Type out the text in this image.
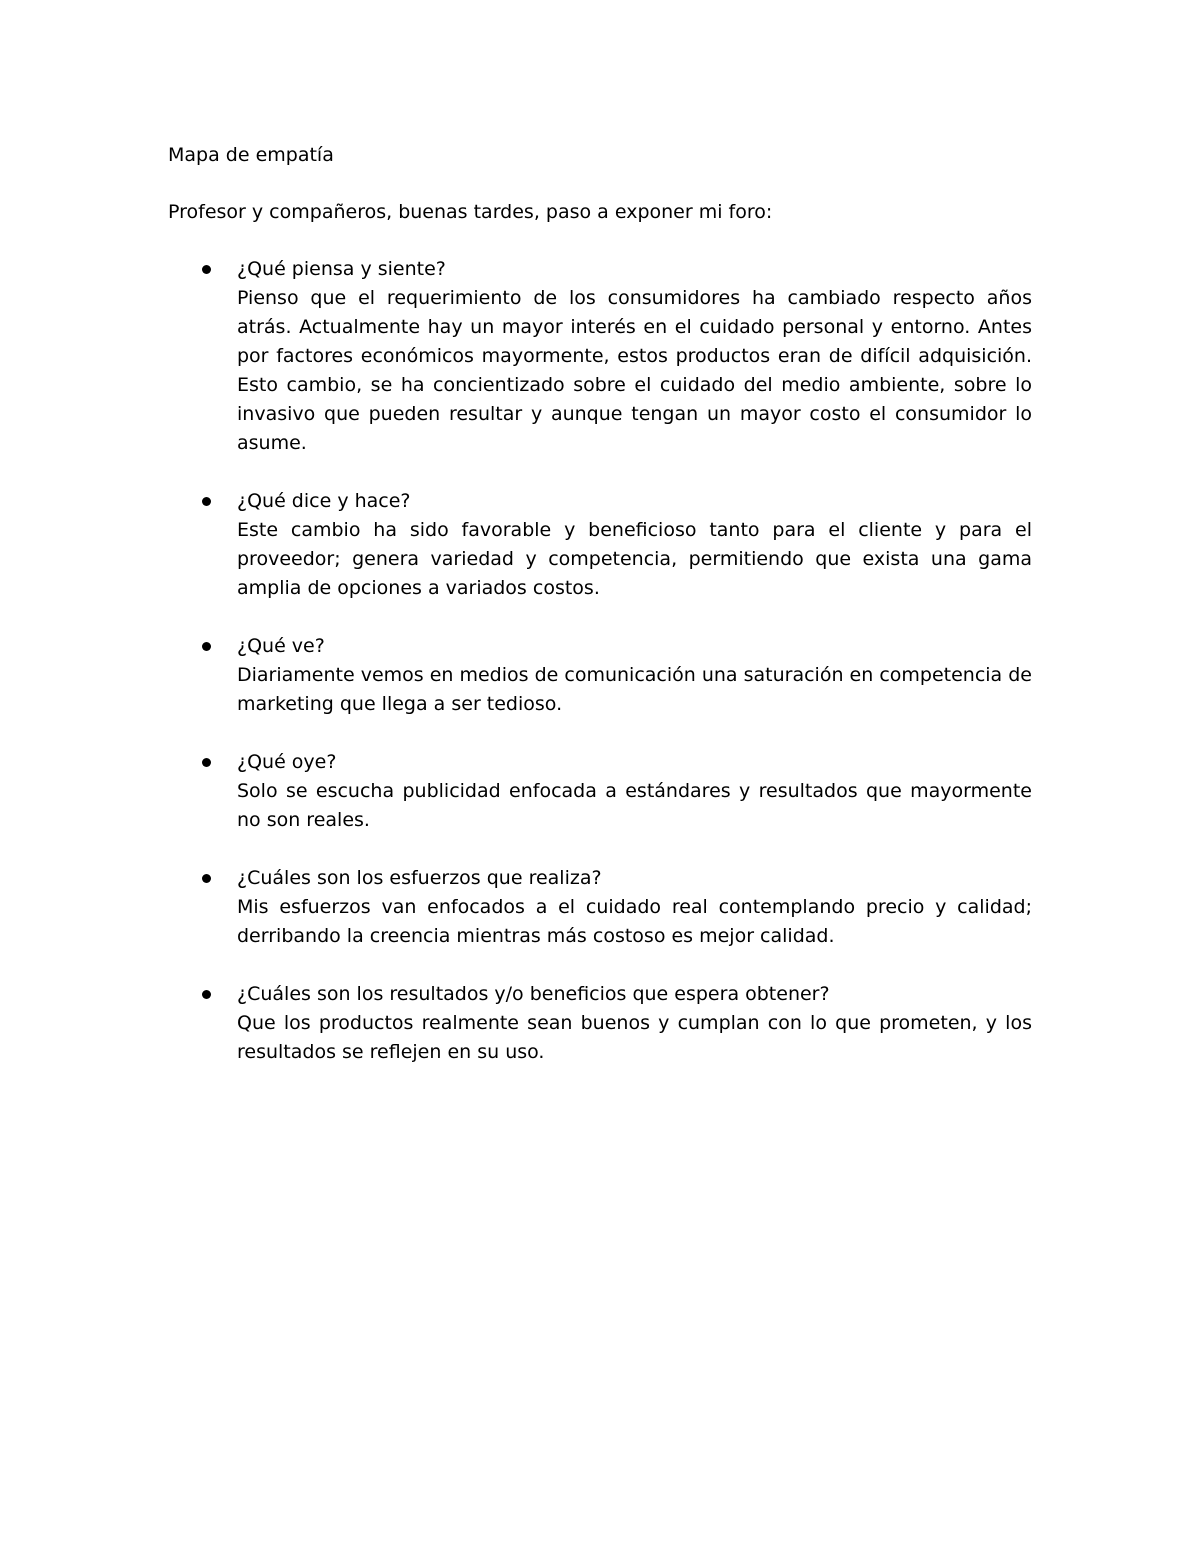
Mapa de empatía

Profesor y compañeros, buenas tardes, paso a exponer mi foro:

¿Qué piensa y siente?
Pienso que el requerimiento de los consumidores ha cambiado respecto años atrás. Actualmente hay un mayor interés en el cuidado personal y entorno. Antes por factores económicos mayormente, estos productos eran de difícil adquisición. Esto cambio, se ha concientizado sobre el cuidado del medio ambiente, sobre lo invasivo que pueden resultar y aunque tengan un mayor costo el consumidor lo asume.
¿Qué dice y hace?
Este cambio ha sido favorable y beneficioso tanto para el cliente y para el proveedor; genera variedad y competencia, permitiendo que exista una gama amplia de opciones a variados costos.
¿Qué ve?
Diariamente vemos en medios de comunicación una saturación en competencia de marketing que llega a ser tedioso.
¿Qué oye?
Solo se escucha publicidad enfocada a estándares y resultados que mayormente no son reales.
¿Cuáles son los esfuerzos que realiza?
Mis esfuerzos van enfocados a el cuidado real contemplando precio y calidad; derribando la creencia mientras más costoso es mejor calidad.
¿Cuáles son los resultados y/o beneficios que espera obtener?
Que los productos realmente sean buenos y cumplan con lo que prometen, y los resultados se reflejen en su uso.
